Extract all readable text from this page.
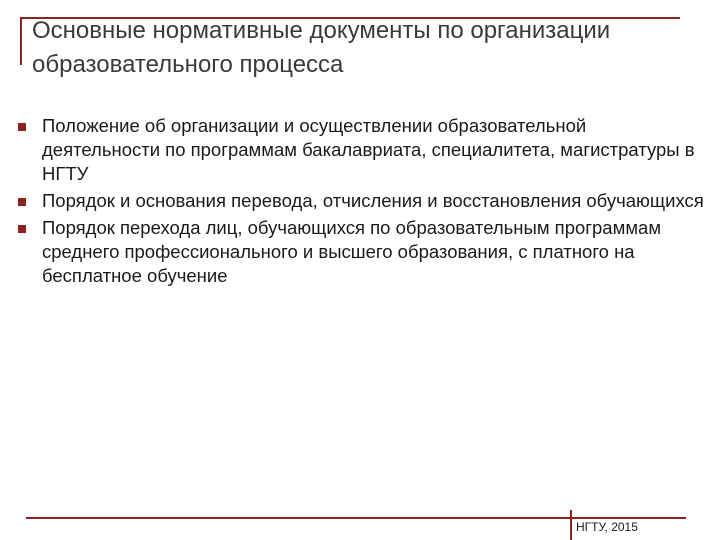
Основные нормативные документы по организации образовательного процесса
Положение об организации и осуществлении образовательной деятельности по программам бакалавриата, специалитета, магистратуры в НГТУ
Порядок и основания перевода, отчисления и восстановления обучающихся
Порядок перехода лиц, обучающихся по образовательным программам среднего профессионального и высшего образования, с платного на бесплатное обучение
НГТУ, 2015
